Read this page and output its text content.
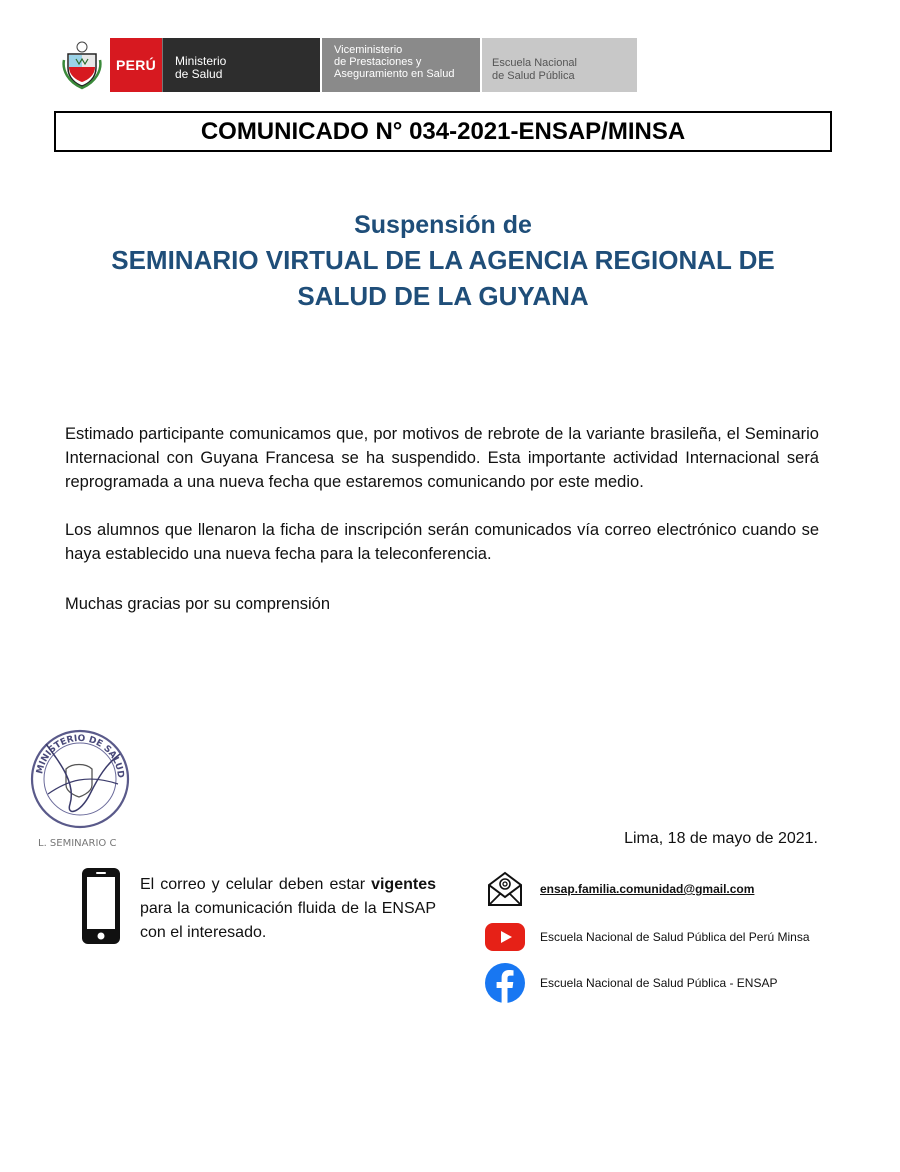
PERÚ	Ministerio
de Salud
Viceministerio
de Prestaciones y
Aseguramiento en Salud
Escuela Nacional
de Salud Pública
COMUNICADO N° 034-2021-ENSAP/MINSA
Suspensión de
SEMINARIO VIRTUAL DE LA AGENCIA REGIONAL DE
SALUD DE LA GUYANA
Estimado participante comunicamos que, por motivos de rebrote de la variante brasileña, el Seminario Internacional con Guyana Francesa se ha suspendido. Esta importante actividad Internacional será reprogramada a una nueva fecha que estaremos comunicando por este medio.
Los alumnos que llenaron la ficha de inscripción serán comunicados vía correo electrónico cuando se haya establecido una nueva fecha para la teleconferencia.
Muchas gracias por su comprensión
MINISTERIO DE SALUD
L. SEMINARIO C	Lima, 18 de mayo de 2021.
El correo y celular deben estar vigentes para la comunicación fluida de la ENSAP con el interesado.
ensap.familia.comunidad@gmail.com
Escuela Nacional de Salud Pública del Perú Minsa
Escuela Nacional de Salud Pública - ENSAP
